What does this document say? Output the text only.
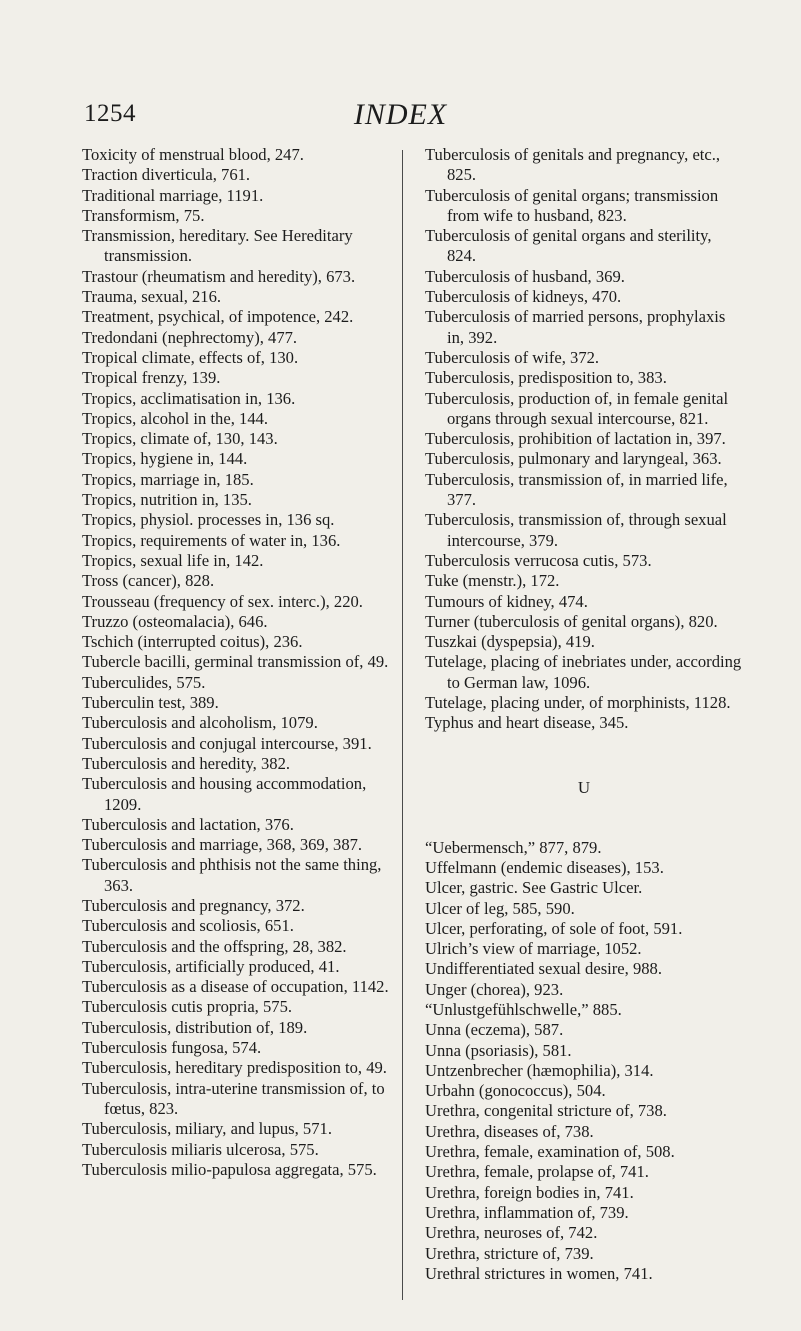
1254	INDEX

Toxicity of menstrual blood, 247.

Traction diverticula, 761.

Traditional marriage, 1191.

Transformism, 75.

Transmission, hereditary. See Hereditary transmission.

Trastour (rheumatism and heredity), 673.

Trauma, sexual, 216.

Treatment, psychical, of impotence, 242.

Tredondani (nephrectomy), 477.

Tropical climate, effects of, 130.

Tropical frenzy, 139.

Tropics, acclimatisation in, 136.

Tropics, alcohol in the, 144.

Tropics, climate of, 130, 143.

Tropics, hygiene in, 144.

Tropics, marriage in, 185.

Tropics, nutrition in, 135.

Tropics, physiol. processes in, 136 sq.

Tropics, requirements of water in, 136.

Tropics, sexual life in, 142.

Tross (cancer), 828.

Trousseau (frequency of sex. interc.), 220.

Truzzo (osteomalacia), 646.

Tschich (interrupted coitus), 236.

Tubercle bacilli, germinal transmission of, 49.

Tuberculides, 575.

Tuberculin test, 389.

Tuberculosis and alcoholism, 1079.

Tuberculosis and conjugal intercourse, 391.

Tuberculosis and heredity, 382.

Tuberculosis and housing accommodation, 1209.

Tuberculosis and lactation, 376.

Tuberculosis and marriage, 368, 369, 387.

Tuberculosis and phthisis not the same thing, 363.

Tuberculosis and pregnancy, 372.

Tuberculosis and scoliosis, 651.

Tuberculosis and the offspring, 28, 382.

Tuberculosis, artificially produced, 41.

Tuberculosis as a disease of occupation, 1142.

Tuberculosis cutis propria, 575.

Tuberculosis, distribution of, 189.

Tuberculosis fungosa, 574.

Tuberculosis, hereditary predisposition to, 49.

Tuberculosis, intra-uterine transmission of, to fœtus, 823.

Tuberculosis, miliary, and lupus, 571.

Tuberculosis miliaris ulcerosa, 575.

Tuberculosis milio-papulosa aggregata, 575.

Tuberculosis of genitals and pregnancy, etc., 825.

Tuberculosis of genital organs; transmission from wife to husband, 823.

Tuberculosis of genital organs and sterility, 824.

Tuberculosis of husband, 369.

Tuberculosis of kidneys, 470.

Tuberculosis of married persons, prophylaxis in, 392.

Tuberculosis of wife, 372.

Tuberculosis, predisposition to, 383.

Tuberculosis, production of, in female genital organs through sexual intercourse, 821.

Tuberculosis, prohibition of lactation in, 397.

Tuberculosis, pulmonary and laryngeal, 363.

Tuberculosis, transmission of, in married life, 377.

Tuberculosis, transmission of, through sexual intercourse, 379.

Tuberculosis verrucosa cutis, 573.

Tuke (menstr.), 172.

Tumours of kidney, 474.

Turner (tuberculosis of genital organs), 820.

Tuszkai (dyspepsia), 419.

Tutelage, placing of inebriates under, according to German law, 1096.

Tutelage, placing under, of morphinists, 1128.

Typhus and heart disease, 345.

U

“Uebermensch,” 877, 879.

Uffelmann (endemic diseases), 153.

Ulcer, gastric. See Gastric Ulcer.

Ulcer of leg, 585, 590.

Ulcer, perforating, of sole of foot, 591.

Ulrich’s view of marriage, 1052.

Undifferentiated sexual desire, 988.

Unger (chorea), 923.

“Unlustgefühlschwelle,” 885.

Unna (eczema), 587.

Unna (psoriasis), 581.

Untzenbrecher (hæmophilia), 314.

Urbahn (gonococcus), 504.

Urethra, congenital stricture of, 738.

Urethra, diseases of, 738.

Urethra, female, examination of, 508.

Urethra, female, prolapse of, 741.

Urethra, foreign bodies in, 741.

Urethra, inflammation of, 739.

Urethra, neuroses of, 742.

Urethra, stricture of, 739.

Urethral strictures in women, 741.
